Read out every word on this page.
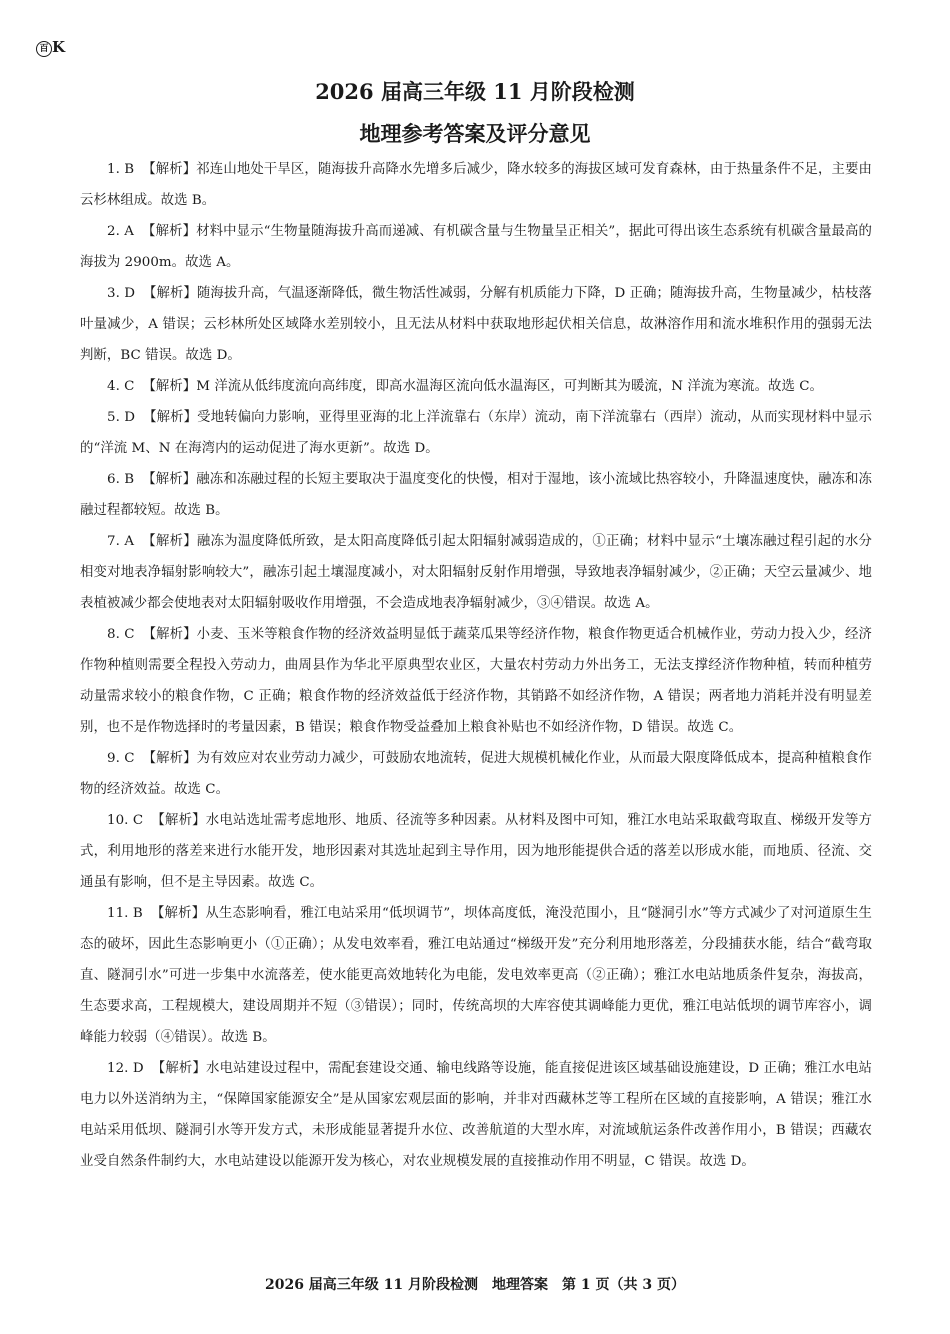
百 K
2026 届高三年级 11 月阶段检测
地理参考答案及评分意见

1. B 【解析】祁连山地处干旱区，随海拔升高降水先增多后减少，降水较多的海拔区域可发育森林，由于热量条件不足，主要由云杉林组成。故选 B。

2. A 【解析】材料中显示“生物量随海拔升高而递减、有机碳含量与生物量呈正相关”，据此可得出该生态系统有机碳含量最高的海拔为 2900m。故选 A。

3. D 【解析】随海拔升高，气温逐渐降低，微生物活性减弱，分解有机质能力下降，D 正确；随海拔升高，生物量减少，枯枝落叶量减少，A 错误；云杉林所处区域降水差别较小，且无法从材料中获取地形起伏相关信息，故淋溶作用和流水堆积作用的强弱无法判断，BC 错误。故选 D。

4. C 【解析】M 洋流从低纬度流向高纬度，即高水温海区流向低水温海区，可判断其为暖流，N 洋流为寒流。故选 C。

5. D 【解析】受地转偏向力影响，亚得里亚海的北上洋流靠右（东岸）流动，南下洋流靠右（西岸）流动，从而实现材料中显示的“洋流 M、N 在海湾内的运动促进了海水更新”。故选 D。

6. B 【解析】融冻和冻融过程的长短主要取决于温度变化的快慢，相对于湿地，该小流域比热容较小，升降温速度快，融冻和冻融过程都较短。故选 B。

7. A 【解析】融冻为温度降低所致，是太阳高度降低引起太阳辐射减弱造成的，①正确；材料中显示“土壤冻融过程引起的水分相变对地表净辐射影响较大”，融冻引起土壤湿度减小，对太阳辐射反射作用增强，导致地表净辐射减少，②正确；天空云量减少、地表植被减少都会使地表对太阳辐射吸收作用增强，不会造成地表净辐射减少，③④错误。故选 A。

8. C 【解析】小麦、玉米等粮食作物的经济效益明显低于蔬菜瓜果等经济作物，粮食作物更适合机械作业，劳动力投入少，经济作物种植则需要全程投入劳动力，曲周县作为华北平原典型农业区，大量农村劳动力外出务工，无法支撑经济作物种植，转而种植劳动量需求较小的粮食作物，C 正确；粮食作物的经济效益低于经济作物，其销路不如经济作物，A 错误；两者地力消耗并没有明显差别，也不是作物选择时的考量因素，B 错误；粮食作物受益叠加上粮食补贴也不如经济作物，D 错误。故选 C。

9. C 【解析】为有效应对农业劳动力减少，可鼓励农地流转，促进大规模机械化作业，从而最大限度降低成本，提高种植粮食作物的经济效益。故选 C。

10. C 【解析】水电站选址需考虑地形、地质、径流等多种因素。从材料及图中可知，雅江水电站采取截弯取直、梯级开发等方式，利用地形的落差来进行水能开发，地形因素对其选址起到主导作用，因为地形能提供合适的落差以形成水能，而地质、径流、交通虽有影响，但不是主导因素。故选 C。

11. B 【解析】从生态影响看，雅江电站采用“低坝调节”，坝体高度低，淹没范围小，且“隧洞引水”等方式减少了对河道原生生态的破坏，因此生态影响更小（①正确）；从发电效率看，雅江电站通过“梯级开发”充分利用地形落差，分段捕获水能，结合“截弯取直、隧洞引水”可进一步集中水流落差，使水能更高效地转化为电能，发电效率更高（②正确）；雅江水电站地质条件复杂，海拔高，生态要求高，工程规模大，建设周期并不短（③错误）；同时，传统高坝的大库容使其调峰能力更优，雅江电站低坝的调节库容小，调峰能力较弱（④错误）。故选 B。

12. D 【解析】水电站建设过程中，需配套建设交通、输电线路等设施，能直接促进该区域基础设施建设，D 正确；雅江水电站电力以外送消纳为主，“保障国家能源安全”是从国家宏观层面的影响，并非对西藏林芝等工程所在区域的直接影响，A 错误；雅江水电站采用低坝、隧洞引水等开发方式，未形成能显著提升水位、改善航道的大型水库，对流域航运条件改善作用小，B 错误；西藏农业受自然条件制约大，水电站建设以能源开发为核心，对农业规模发展的直接推动作用不明显，C 错误。故选 D。

2026 届高三年级 11 月阶段检测　地理答案　第 1 页（共 3 页）
